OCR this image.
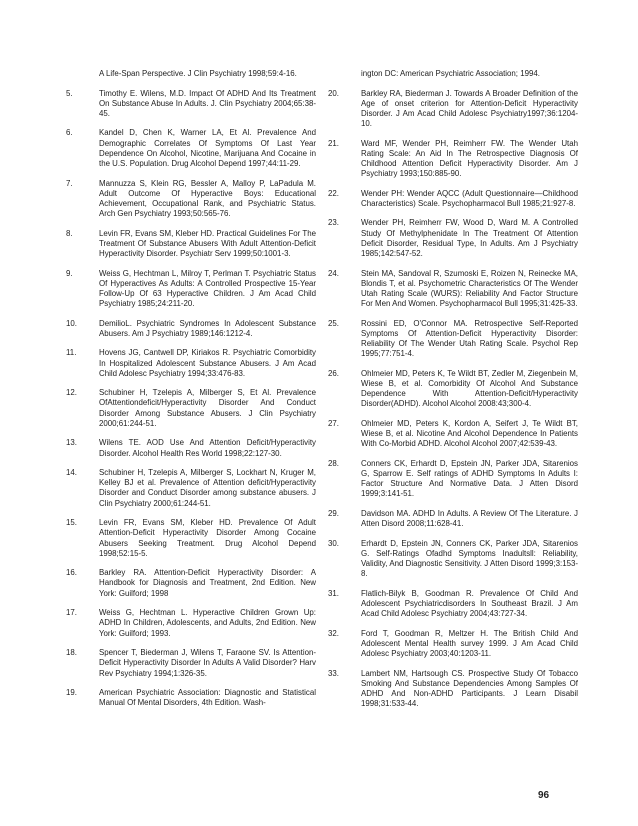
A Life-Span Perspective. J Clin Psychiatry 1998;59:4-16.
5.	Timothy E. Wilens, M.D. Impact Of ADHD And Its Treatment On Substance Abuse In Adults. J. Clin Psychiatry 2004;65:38-45.
6.	Kandel D, Chen K, Warner LA, Et Al. Prevalence And Demographic Correlates Of Symptoms Of Last Year Dependence On Alcohol, Nicotine, Marijuana And Cocaine in the U.S. Population. Drug Alcohol Depend 1997;44:11-29.
7.	Mannuzza S, Klein RG, Bessler A, Malloy P, LaPadula M. Adult Outcome Of Hyperactive Boys: Educational Achievement, Occupational Rank, and Psychiatric Status. Arch Gen Psychiatry 1993;50:565-76.
8.	Levin FR, Evans SM, Kleber HD. Practical Guidelines For The Treatment Of Substance Abusers With Adult Attention-Deficit Hyperactivity Disorder. Psychiatr Serv 1999;50:1001-3.
9.	Weiss G, Hechtman L, Milroy T, Perlman T. Psychiatric Status Of Hyperactives As Adults: A Controlled Prospective 15-Year Follow-Up Of 63 Hyperactive Children. J Am Acad Child Psychiatry 1985;24:211-20.
10.	DemilioL. Psychiatric Syndromes In Adolescent Substance Abusers. Am J Psychiatry 1989;146:1212-4.
11.	Hovens JG, Cantwell DP, Kiriakos R. Psychiatric Comorbidity In Hospitalized Adolescent Substance Abusers. J Am Acad Child Adolesc Psychiatry 1994;33:476-83.
12.	Schubiner H, Tzelepis A, Milberger S, Et Al. Prevalence OfAttentiondeficit/Hyperactivity Disorder And Conduct Disorder Among Substance Abusers. J Clin Psychiatry 2000;61:244-51.
13.	Wilens TE. AOD Use And Attention Deficit/Hyperactivity Disorder. Alcohol Health Res World 1998;22:127-30.
14.	Schubiner H, Tzelepis A, Milberger S, Lockhart N, Kruger M, Kelley BJ et al. Prevalence of Attention deficit/Hyperactivity Disorder and Conduct Disorder among substance abusers. J Clin Psychiatry 2000;61:244-51.
15.	Levin FR, Evans SM, Kleber HD. Prevalence Of Adult Attention-Deficit Hyperactivity Disorder Among Cocaine Abusers Seeking Treatment. Drug Alcohol Depend 1998;52:15-5.
16.	Barkley RA. Attention-Deficit Hyperactivity Disorder: A Handbook for Diagnosis and Treatment, 2nd Edition. New York: Guilford; 1998
17.	Weiss G, Hechtman L. Hyperactive Children Grown Up: ADHD In Children, Adolescents, and Adults, 2nd Edition. New York: Guilford; 1993.
18.	Spencer T, Biederman J, Wilens T, Faraone SV. Is Attention-Deficit Hyperactivity Disorder In Adults A Valid Disorder? Harv Rev Psychiatry 1994;1:326-35.
19.	American Psychiatric Association: Diagnostic and Statistical Manual Of Mental Disorders, 4th Edition. Wash-
ington DC: American Psychiatric Association; 1994.
20.	Barkley RA, Biederman J. Towards A Broader Definition of the Age of onset criterion for Attention-Deficit Hyperactivity Disorder. J Am Acad Child Adolesc Psychiatry1997;36:1204-10.
21.	Ward MF, Wender PH, Reimherr FW. The Wender Utah Rating Scale: An Aid In The Retrospective Diagnosis Of Childhood Attention Deficit Hyperactivity Disorder. Am J Psychiatry 1993;150:885-90.
22.	Wender PH: Wender AQCC (Adult Questionnaire—Childhood Characteristics) Scale. Psychopharmacol Bull 1985;21:927-8.
23.	Wender PH, Reimherr FW, Wood D, Ward M. A Controlled Study Of Methylphenidate In The Treatment Of Attention Deficit Disorder, Residual Type, In Adults. Am J Psychiatry 1985;142:547-52.
24.	Stein MA, Sandoval R, Szumoski E, Roizen N, Reinecke MA, Blondis T, et al. Psychometric Characteristics Of The Wender Utah Rating Scale (WURS): Reliability And Factor Structure For Men And Women. Psychopharmacol Bull 1995;31:425-33.
25.	Rossini ED, O'Connor MA. Retrospective Self-Reported Symptoms Of Attention-Deficit Hyperactivity Disorder: Reliability Of The Wender Utah Rating Scale. Psychol Rep 1995;77:751-4.
26.	Ohlmeier MD, Peters K, Te Wildt BT, Zedler M, Ziegenbein M, Wiese B, et al. Comorbidity Of Alcohol And Substance Dependence With Attention-Deficit/Hyperactivity Disorder(ADHD). Alcohol Alcohol 2008:43;300-4.
27.	Ohlmeier MD, Peters K, Kordon A, Seifert J, Te Wildt BT, Wiese B, et al. Nicotine And Alcohol Dependence In Patients With Co-Morbid ADHD. Alcohol Alcohol 2007;42:539-43.
28.	Conners CK, Erhardt D, Epstein JN, Parker JDA, Sitarenios G, Sparrow E. Self ratings of ADHD Symptoms In Adults I: Factor Structure And Normative Data. J Atten Disord 1999;3:141-51.
29.	Davidson MA. ADHD In Adults. A Review Of The Literature. J Atten Disord 2008;11:628-41.
30.	Erhardt D, Epstein JN, Conners CK, Parker JDA, Sitarenios G. Self-Ratings Ofadhd Symptoms Inadultsll: Reliability, Validity, And Diagnostic Sensitivity. J Atten Disord 1999;3:153-8.
31.	Flatlich-Bilyk B, Goodman R. Prevalence Of Child And Adolescent Psychiatricdisorders In Southeast Brazil. J Am Acad Child Adolesc Psychiatry 2004;43:727-34.
32.	Ford T, Goodman R, Meltzer H. The British Child And Adolescent Mental Health survey 1999. J Am Acad Child Adolesc Psychiatry 2003;40:1203-11.
33.	Lambert NM, Hartsough CS. Prospective Study Of Tobacco Smoking And Substance Dependencies Among Samples Of ADHD And Non-ADHD Participants. J Learn Disabil 1998;31:533-44.
96
